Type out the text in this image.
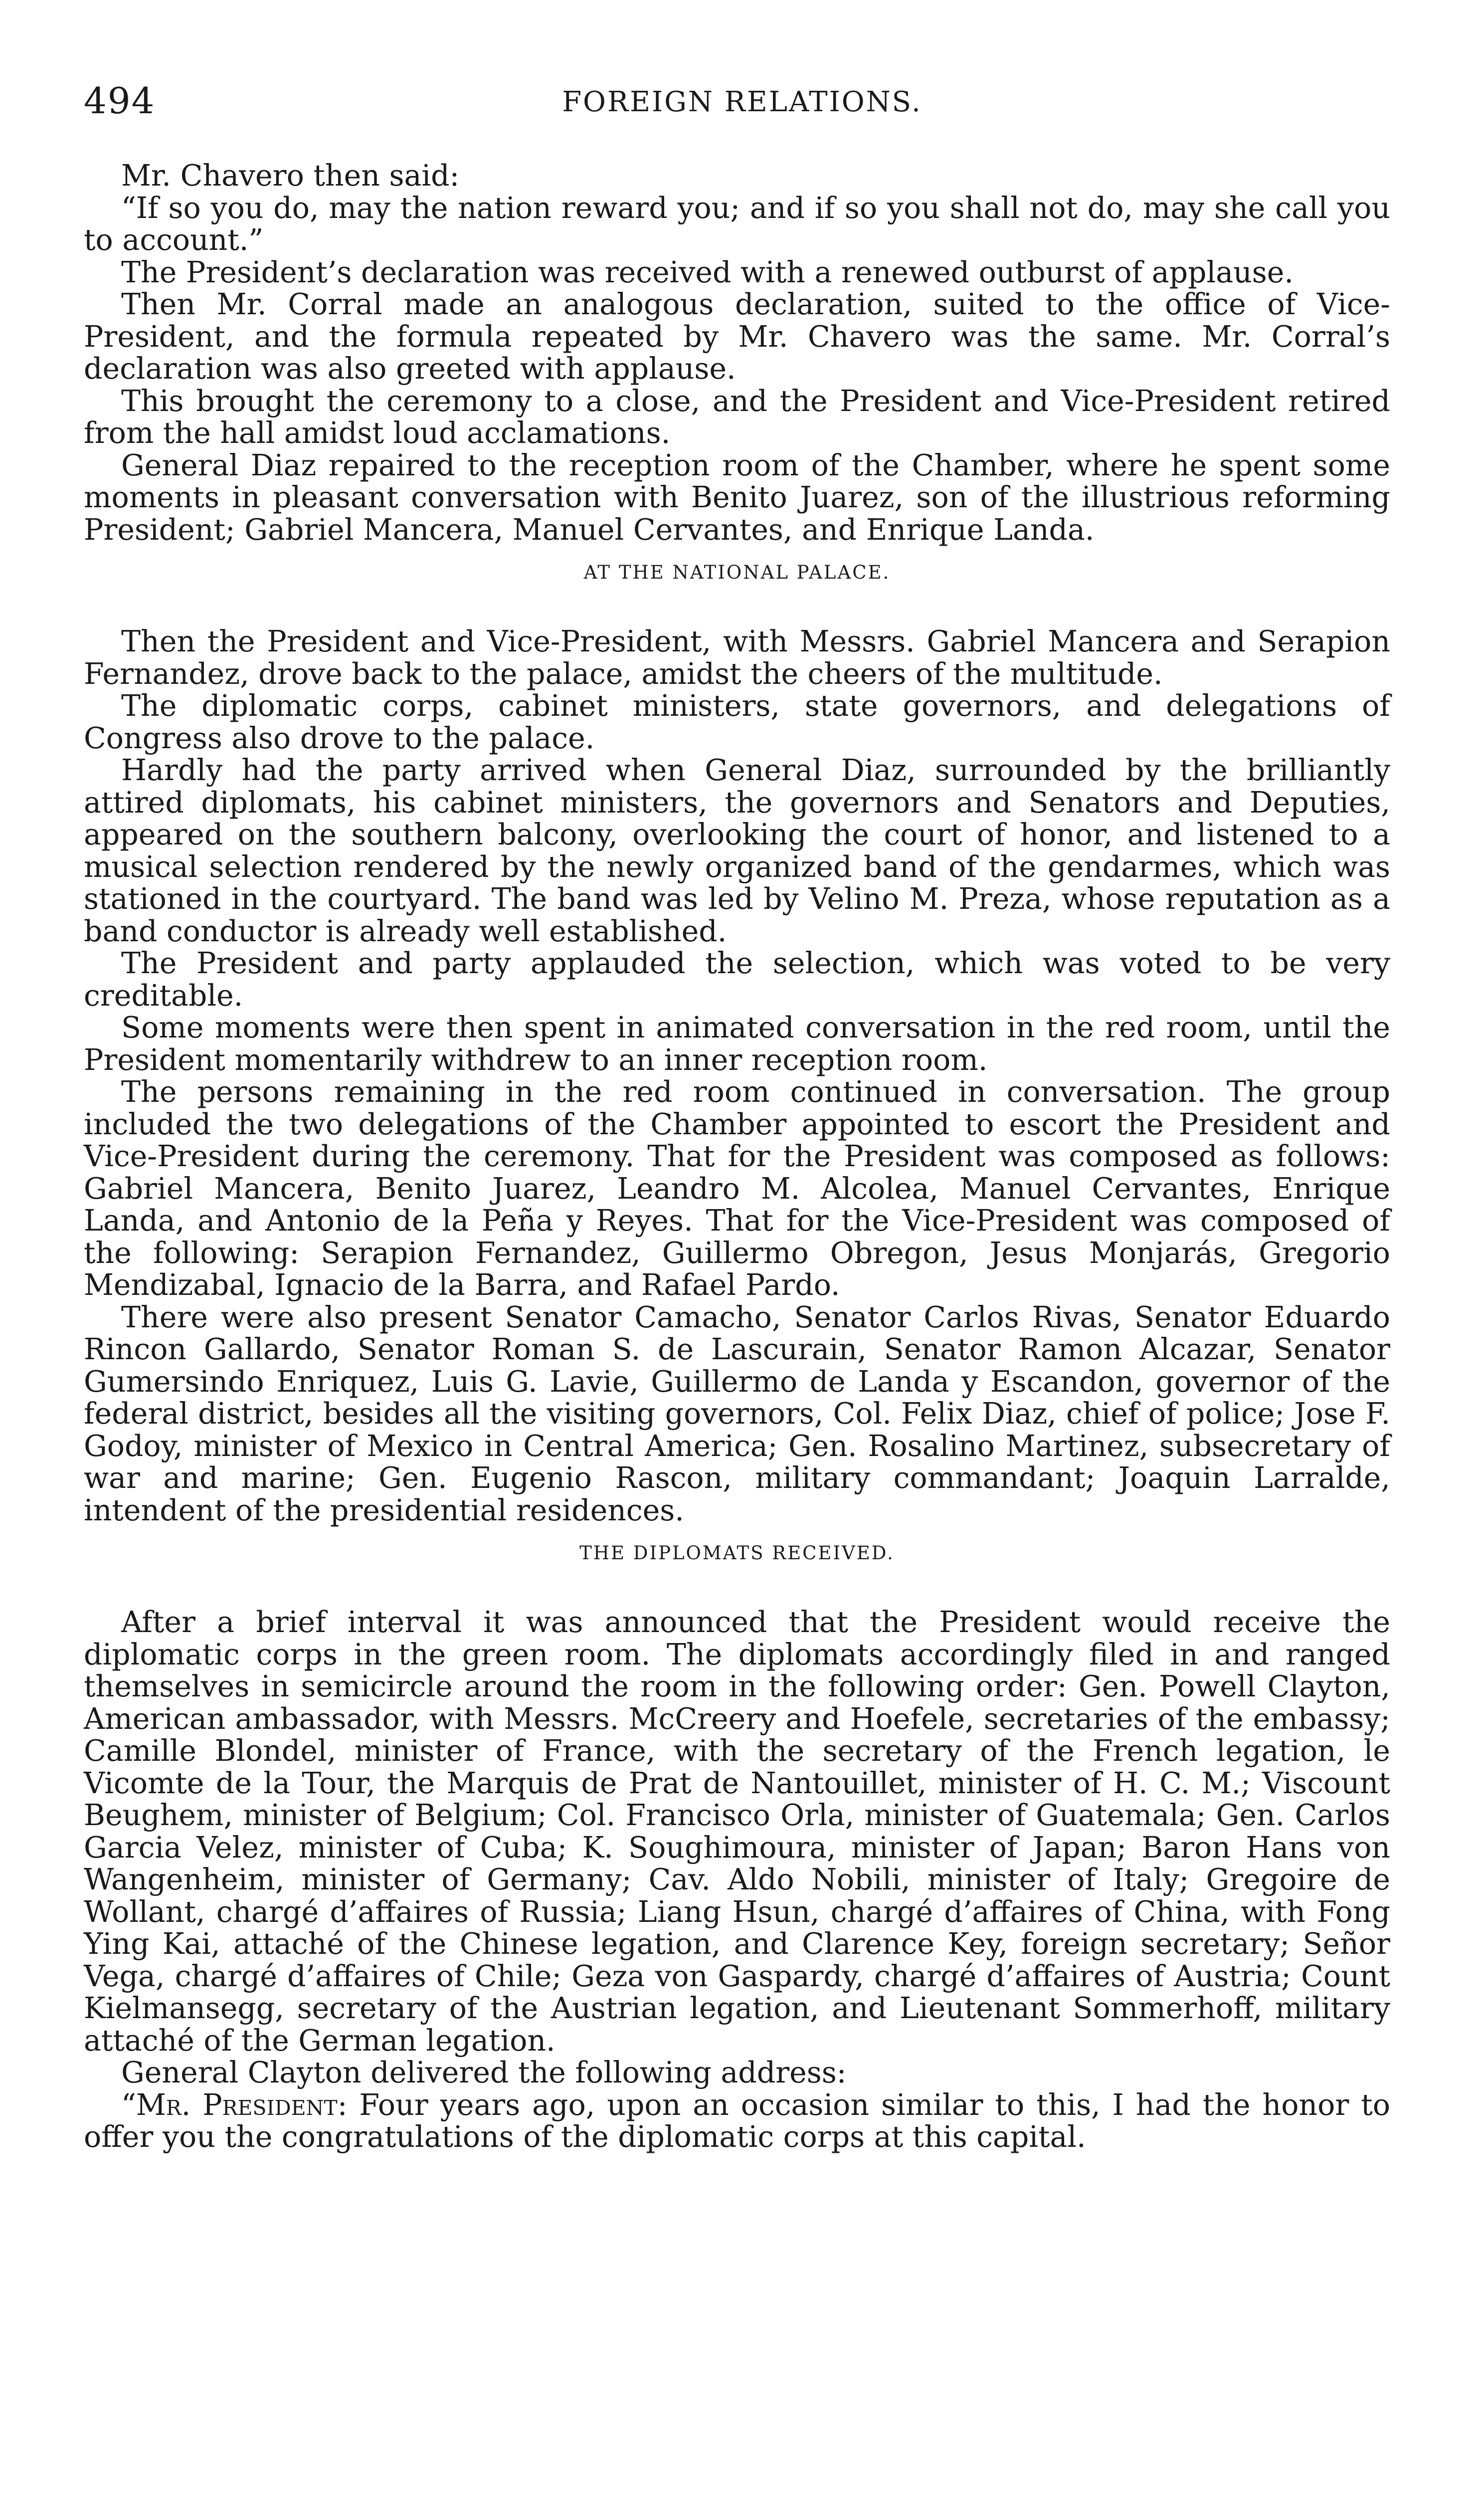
494	FOREIGN RELATIONS.

Mr. Chavero then said:

“If so you do, may the nation reward you; and if so you shall not do, may she call you to account.”

The President’s declaration was received with a renewed outburst of applause.

Then Mr. Corral made an analogous declaration, suited to the office of Vice-President, and the formula repeated by Mr. Chavero was the same. Mr. Corral’s declaration was also greeted with applause.

This brought the ceremony to a close, and the President and Vice-President retired from the hall amidst loud acclamations.

General Diaz repaired to the reception room of the Chamber, where he spent some moments in pleasant conversation with Benito Juarez, son of the illustrious reforming President; Gabriel Mancera, Manuel Cervantes, and Enrique Landa.

AT THE NATIONAL PALACE.

Then the President and Vice-President, with Messrs. Gabriel Mancera and Serapion Fernandez, drove back to the palace, amidst the cheers of the multitude.

The diplomatic corps, cabinet ministers, state governors, and delegations of Congress also drove to the palace.

Hardly had the party arrived when General Diaz, surrounded by the brilliantly attired diplomats, his cabinet ministers, the governors and Senators and Deputies, appeared on the southern balcony, overlooking the court of honor, and listened to a musical selection rendered by the newly organized band of the gendarmes, which was stationed in the courtyard. The band was led by Velino M. Preza, whose reputation as a band conductor is already well established.

The President and party applauded the selection, which was voted to be very creditable.

Some moments were then spent in animated conversation in the red room, until the President momentarily withdrew to an inner reception room.

The persons remaining in the red room continued in conversation. The group included the two delegations of the Chamber appointed to escort the President and Vice-President during the ceremony. That for the President was composed as follows: Gabriel Mancera, Benito Juarez, Leandro M. Alcolea, Manuel Cervantes, Enrique Landa, and Antonio de la Peña y Reyes. That for the Vice-President was composed of the following: Serapion Fernandez, Guillermo Obregon, Jesus Monjarás, Gregorio Mendizabal, Ignacio de la Barra, and Rafael Pardo.

There were also present Senator Camacho, Senator Carlos Rivas, Senator Eduardo Rincon Gallardo, Senator Roman S. de Lascurain, Senator Ramon Alcazar, Senator Gumersindo Enriquez, Luis G. Lavie, Guillermo de Landa y Escandon, governor of the federal district, besides all the visiting governors, Col. Felix Diaz, chief of police; Jose F. Godoy, minister of Mexico in Central America; Gen. Rosalino Martinez, subsecretary of war and marine; Gen. Eugenio Rascon, military commandant; Joaquin Larralde, intendent of the presidential residences.

THE DIPLOMATS RECEIVED.

After a brief interval it was announced that the President would receive the diplomatic corps in the green room. The diplomats accordingly filed in and ranged themselves in semicircle around the room in the following order: Gen. Powell Clayton, American ambassador, with Messrs. McCreery and Hoefele, secretaries of the embassy; Camille Blondel, minister of France, with the secretary of the French legation, le Vicomte de la Tour, the Marquis de Prat de Nantouillet, minister of H. C. M.; Viscount Beughem, minister of Belgium; Col. Francisco Orla, minister of Guatemala; Gen. Carlos Garcia Velez, minister of Cuba; K. Soughimoura, minister of Japan; Baron Hans von Wangenheim, minister of Germany; Cav. Aldo Nobili, minister of Italy; Gregoire de Wollant, chargé d’affaires of Russia; Liang Hsun, chargé d’affaires of China, with Fong Ying Kai, attaché of the Chinese legation, and Clarence Key, foreign secretary; Señor Vega, chargé d’affaires of Chile; Geza von Gaspardy, chargé d’affaires of Austria; Count Kielmansegg, secretary of the Austrian legation, and Lieutenant Sommerhoff, military attaché of the German legation.

General Clayton delivered the following address:

“Mr. President: Four years ago, upon an occasion similar to this, I had the honor to offer you the congratulations of the diplomatic corps at this capital.
